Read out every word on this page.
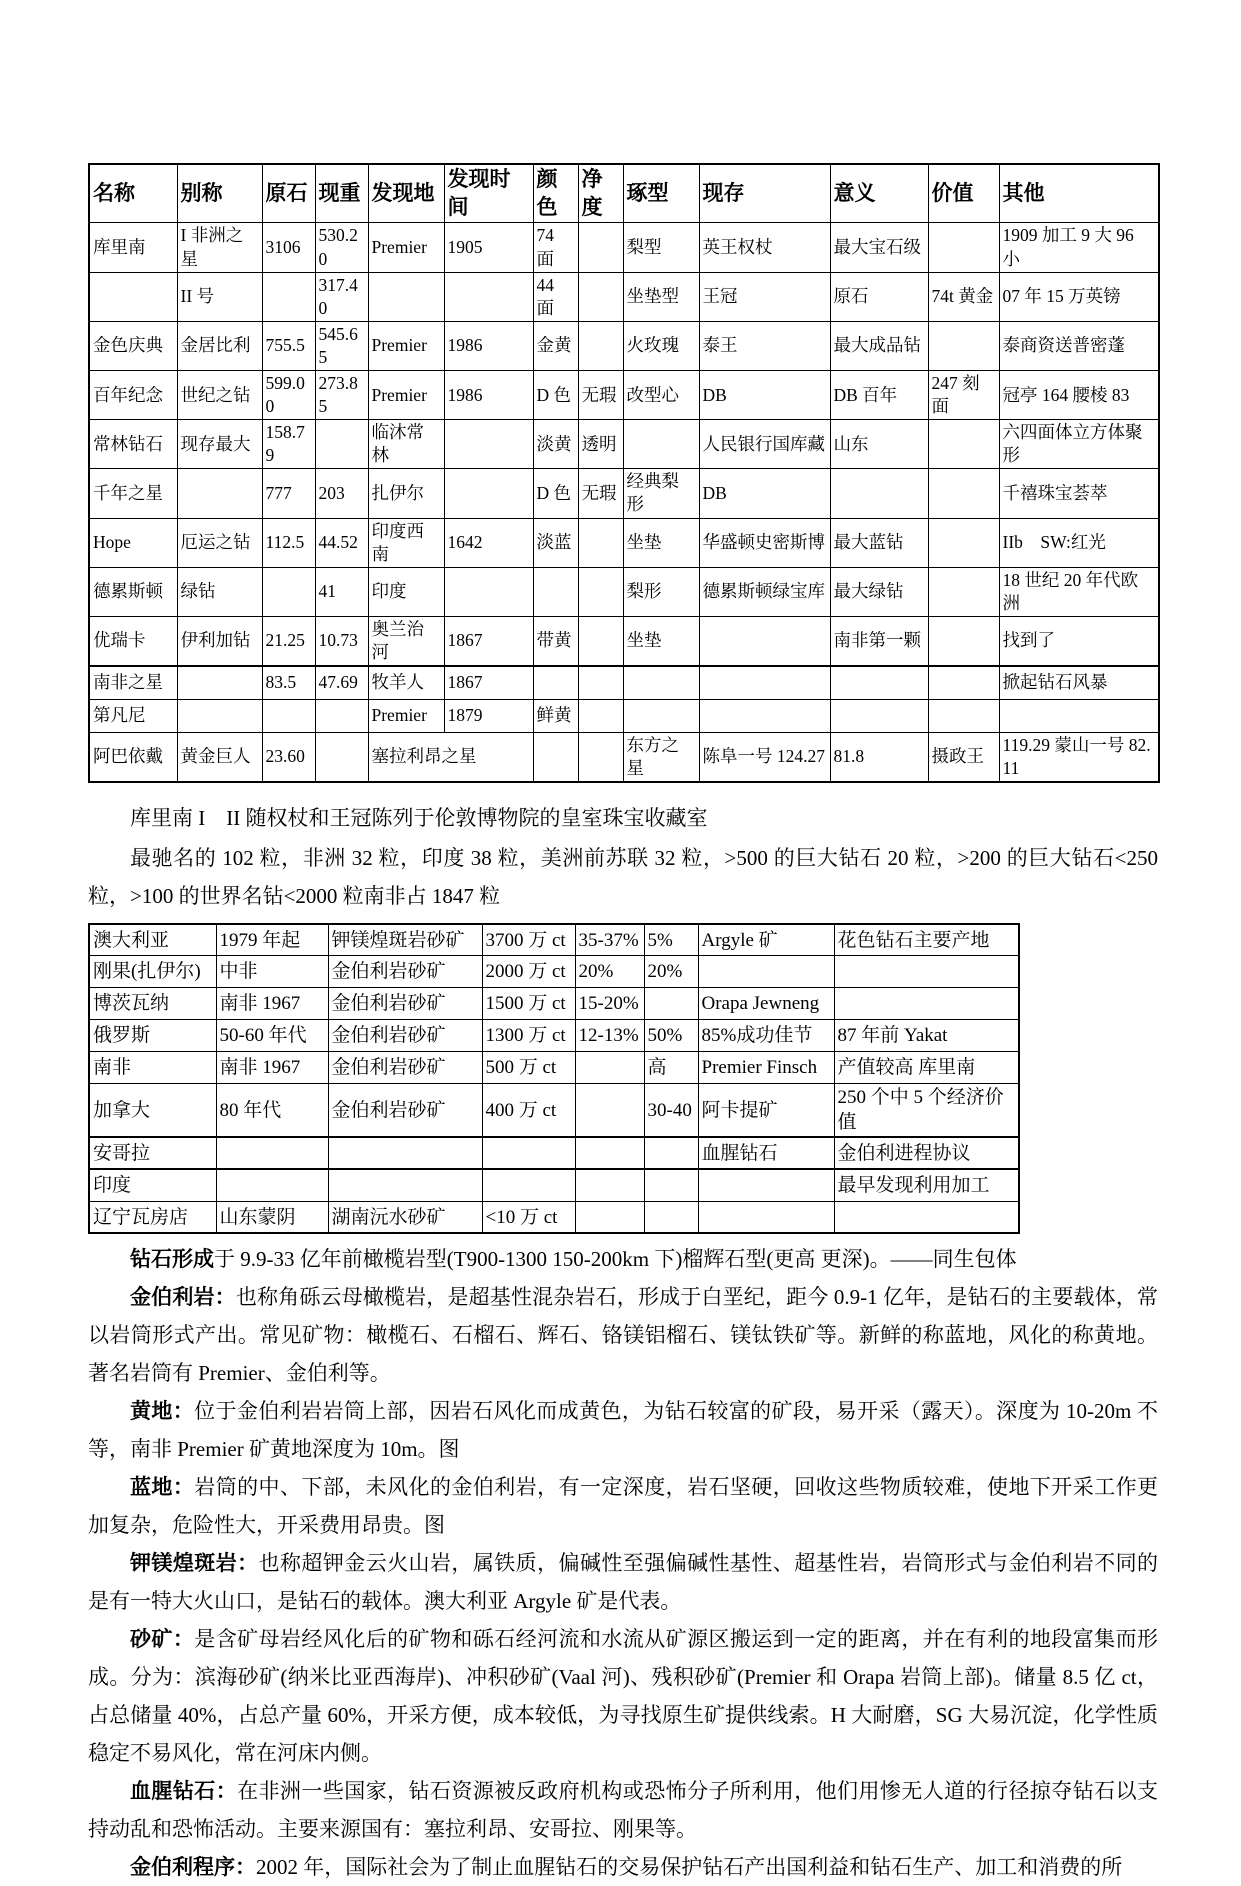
名称	别称	原石	现重	发现地	发现时间	颜色	净度	琢型	现存	意义	价值	其他
库里南	I 非洲之星	3106	530.20	Premier	1905	74 面		梨型	英王权杖	最大宝石级		1909 加工 9 大 96 小
	II 号		317.40			44 面		坐垫型	王冠	原石	74t 黄金	07 年 15 万英镑
金色庆典	金居比利	755.5	545.65	Premier	1986	金黄		火玫瑰	泰王	最大成品钻		泰商资送普密蓬
百年纪念	世纪之钻	599.00	273.85	Premier	1986	D 色	无瑕	改型心	DB	DB 百年	247 刻面	冠亭 164 腰棱 83
常林钻石	现存最大	158.79		临沐常林		淡黄	透明		人民银行国库藏	山东		六四面体立方体聚形
千年之星		777	203	扎伊尔		D 色	无瑕	经典梨形	DB			千禧珠宝荟萃
Hope	厄运之钻	112.5	44.52	印度西南	1642	淡蓝		坐垫	华盛顿史密斯博	最大蓝钻		IIb　SW:红光
德累斯顿	绿钻		41	印度				梨形	德累斯顿绿宝库	最大绿钻		18 世纪 20 年代欧洲
优瑞卡	伊利加钻	21.25	10.73	奥兰治河	1867	带黄		坐垫		南非第一颗		找到了
南非之星		83.5	47.69	牧羊人	1867							掀起钻石风暴
第凡尼				Premier	1879	鲜黄						
阿巴依戴	黄金巨人	23.60		塞拉利昂之星				东方之星	陈阜一号 124.27	81.8	摄政王	119.29 蒙山一号 82.11

库里南 I　II 随权杖和王冠陈列于伦敦博物院的皇室珠宝收藏室

最驰名的 102 粒，非洲 32 粒，印度 38 粒，美洲前苏联 32 粒，>500 的巨大钻石 20 粒，>200 的巨大钻石<250 粒，>100 的世界名钻<2000 粒南非占 1847 粒

澳大利亚	1979 年起	钾镁煌斑岩砂矿	3700 万 ct	35-37%	5%	Argyle 矿	花色钻石主要产地
刚果(扎伊尔)	中非	金伯利岩砂矿	2000 万 ct	20%	20%		
博茨瓦纳	南非 1967	金伯利岩砂矿	1500 万 ct	15-20%		Orapa Jewneng	
俄罗斯	50-60 年代	金伯利岩砂矿	1300 万 ct	12-13%	50%	85%成功佳节	87 年前 Yakat
南非	南非 1967	金伯利岩砂矿	500 万 ct		高	Premier Finsch	产值较高 库里南
加拿大	80 年代	金伯利岩砂矿	400 万 ct		30-40	阿卡提矿	250 个中 5 个经济价值
安哥拉						血腥钻石	金伯利进程协议
印度							最早发现利用加工
辽宁瓦房店	山东蒙阴	湖南沅水砂矿	<10 万 ct				

钻石形成于 9.9-33 亿年前橄榄岩型(T900-1300 150-200km 下)榴辉石型(更高 更深)。——同生包体

金伯利岩：也称角砾云母橄榄岩，是超基性混杂岩石，形成于白垩纪，距今 0.9-1 亿年，是钻石的主要载体，常以岩筒形式产出。常见矿物：橄榄石、石榴石、辉石、铬镁铝榴石、镁钛铁矿等。新鲜的称蓝地，风化的称黄地。著名岩筒有 Premier、金伯利等。

黄地：位于金伯利岩岩筒上部，因岩石风化而成黄色，为钻石较富的矿段，易开采（露天）。深度为 10-20m 不等，南非 Premier 矿黄地深度为 10m。图

蓝地：岩筒的中、下部，未风化的金伯利岩，有一定深度，岩石坚硬，回收这些物质较难，使地下开采工作更加复杂，危险性大，开采费用昂贵。图

钾镁煌斑岩：也称超钾金云火山岩，属铁质，偏碱性至强偏碱性基性、超基性岩，岩筒形式与金伯利岩不同的是有一特大火山口，是钻石的载体。澳大利亚 Argyle 矿是代表。

砂矿：是含矿母岩经风化后的矿物和砾石经河流和水流从矿源区搬运到一定的距离，并在有利的地段富集而形成。分为：滨海砂矿(纳米比亚西海岸)、冲积砂矿(Vaal 河)、残积砂矿(Premier 和 Orapa 岩筒上部)。储量 8.5 亿 ct，占总储量 40%，占总产量 60%，开采方便，成本较低，为寻找原生矿提供线索。H 大耐磨，SG 大易沉淀，化学性质稳定不易风化，常在河床内侧。

血腥钻石：在非洲一些国家，钻石资源被反政府机构或恐怖分子所利用，他们用惨无人道的行径掠夺钻石以支持动乱和恐怖活动。主要来源国有：塞拉利昂、安哥拉、刚果等。

金伯利程序：2002 年，国际社会为了制止血腥钻石的交易保护钻石产出国利益和钻石生产、加工和消费的所
